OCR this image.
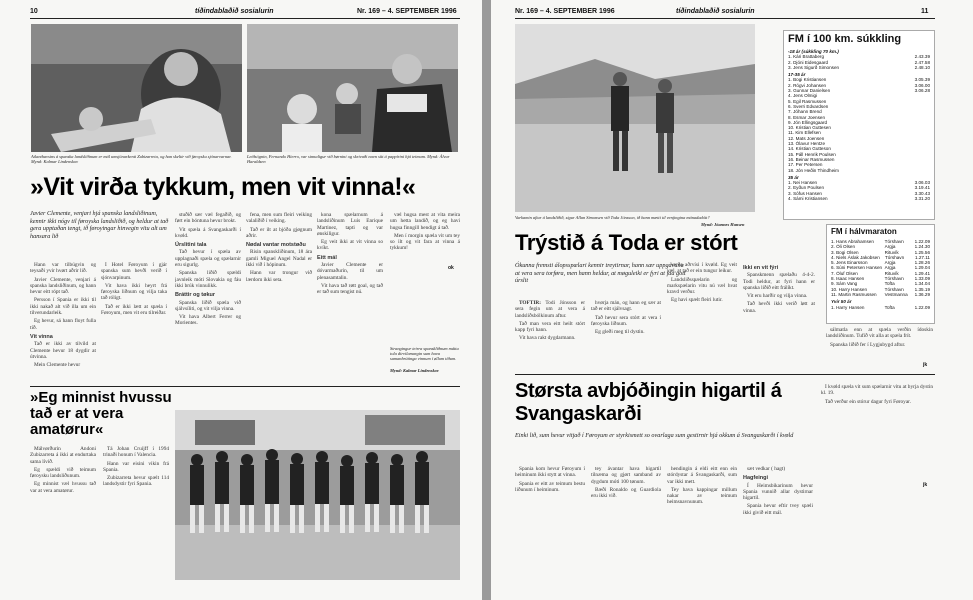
10	tíðindablaðið sosialurin	Nr. 169 – 4. SEPTEMBER 1996
Atlanthavsins á spanska landsliðinum er mál umsjónarkenti Zubizarreta, og han skeltir við føroysku sjónarvarnar. Mynd: Kalmar Lindenskov
Leiðsögnin, Fernando Hierro, var sinnaligur við børnini og skrivaði navn sítt á pappírini hjá teimum. Mynd: Álvur Haraldsen
»Vit virða tykkum, men vit vinna!«
Javier Clemente, venjari hjá spanska landsliðinum, kennir ikki nógv til føroyska landsliðið, og heldur at tað gera upptaðan tengt, ið føroyingar hinvegin vitu alt um hansara lið

Hann var tilbúgvin og teysaði yvir hvørt aðrir lið.

Javier Clemente, venjari á spanska landsliðinum, og hann hevur eitt rópt tað.

Persson í Spania er ikki til ikki nakað alt við illa um ein tilverundarleik.

Eg hevur, sá hann floyt fulla tíð.

Vit vinna

Tað er ikki av tilvild at Clemente hevur 18 dygdir at útvinna.

Mein Clemente hevur

Í Hotel Føroyum í gjár spanska sum hevði verið í sjónvarpinum.

Vit hava ikki heyrt frá føroyska liðnum og vilja taka tað róligt.

Tað er ikki lætt at spæla í Føroyum, men vit eru tilreiðar.

stuðið sær væl fegaðið, og ført ein bóntuna hevur brokt.

Vit spæla á Svangaskarði í kvøld.

Úrslitini tala

Tað hevur í spæla av upplagnaði spæla og spælarnir eru sigurlg.

Spanska liðið spældi javnleik móti Slovakia og fáu ikki brúk vinnulikk.

Bráttir og tøkur

Spanska liðið spæla við sjálvsíliti, og vit vilja vinna.

Vit hava Albert Ferrer og Morientes.

fena, men sum fleiri veiking valaliðið í veiking.

Tað er ilt at bjóða gjøgnum aðrir.

Nødal vantar motstøðu

Risin spanskliðinum, 18 ára gamli Miguel Angel Nadal er ikki við í hópinum.

Hann var trongur við lærdom ikki seta.

kona spælarnum á landsliðinum Luis Enrique Martinez, tapti og var ønskiligur.

Eg veit ikki at vit vinna so kvíkt.

Eitt mál

Javier Clemente er dóvarmaðurin, til um plenasamtalin.

Vit hava tað røtt goal, og tað er tað sum tengist nú.

væl hugsa mest at vita meira um hetta landið, og eg havi hugsa finngill hendigt á tað.

Men í morgin spæla vit um tey so ilt og vit fara at vinna á tykkum!

ok
Strangingur teirra spanskliðnum máttu tola dirvilamargin sum hava samanbrútinga vinnum í øllum tíðum.
Mynd: Kalmar Lindenskov
»Eg minnist hvussu tað er at vera amatørur«

Málvørðurin Andoni Zubizarreta á ikki at endurtaka sama lívið.

Eg spældi við teimum føroysku landsliðunum.

Eg minnist væl hvussu tað var at vera amatørur.

Tá Johan Cruijff í 1994 trinaði honum í Valencia.

Hann var eisini vikin frá Spania.

Zubizarreta hevur spælt 114 landsdystir fyri Spania.

Nr. 169 – 4. SEPTEMBER 1996	tíðindablaðið sosialurin	11
Varkamin aftur á landsliðið, sigur Allan Simonsen við Toda Jónsson, ið hann mætti til venjingina mánadadótt?
Mynd: Jóannes Hansen
FM í 100 km. súkkling
-18 ár (súkkling 70 km.)
1. Kári Brattaberg	2.43.39
2. Djóni Eidesgaard	2.47.58
3. Jens Sigurð Simonsen	2.48.10
17-35 ár
1. Bogi Kristiansen	3.05.39
2. Rógvi Johansen	3.06.00
3. Gunnar Danielsen	3.06.28
4. Jens Olmigi
5. Egil Rasmussen
6. Sverri Edvardsen
7. Jóhann Brend
8. Esmar Joensen
9. Jón Ellingsgaard
10. Kristian Guttesen
11. Kim Ellefsen
12. Mats Joensen
13. Ólavur Hentze
14. Kristian Gutteson
15. Páll Henrik Poulsen
16. Beinar Rasmussen
17. Per Petersen
18. Jón Heðin Thindheim
35 ár
1. Nei Hansen	3.06.03
2. Eyðun Poulsen	3.19.41
3. Sófus Hansen	3.30.43
4. Sámi Kristiansen	3.31.20
Trýstið á Toda er stórt
Ókunna fremsti álopsspælari kennir treytirnar, hann sær uppgávuna at vera sera torføra, men hann heldur, at møguleiki er fyri at fáa gott úrslit

TOFTIR: Todi Jónsson er sera fegin um at vera á landsliðsbólkinum aftur.

Tað man vera eitt heilt stórt kapp fyri hann.

Vit hava rakt dygdarmann.

hvørja mán, og hann eg sær at tað er eitt sjálvsagt.

Tað hevur sera stórt at vera í føroyska liðnum.

Eg gleði meg til dystin.

verða aðrvísi í kvøld. Eg veit væl, at tað er ein tungur leikur.

Landsliðsspælarin og markspælarin vitu nú væl hvat kravd verður.

Eg havi spælt fleiri lutir.

Ikki en vit fýri

Spanskmenn spælaðu 4-4-2. Todi heldur, at fyri hann er spanska liðið eitt frálíkt.

Vit eru harðir og vilja vinna.

Tað hevði ikki verið løtt at vinna.

FM í hálvmaraton
1. Hans Abrahamsen	Tórshavn	1.22.09
2. Óli Olsen	Argja	1.24.30
3. Bogi Olsen	Rituvík	1.25.56
4. Niels Áslak Jakobsen	Tórshavn	1.27.11
5. Jens Einarsson	Argja	1.28.26
6. Súni Petersen Hansen Argja	1.29.04
7. Óluf Olsen	Rituvík	1.29.41
8. Isaac Hansen	Tórshavn	1.33.09
9. Sám Vang	Tofta	1.34.04
10. Harry Hansen	Tórshavn	1.35.19
11. Martin Rasmussen	Vestmanna	1.36.29
Yvir 50 ár
1. Harry Hansen	Tofta	1.22.09

sálmatla enn at spæla verðin ídoskin landsliðinum. Tufið vit alla at spæla frít.

Spanska liðið fer í Lygjubygd aftur.

jk
Størsta avbjóðingin higartil á Svangaskarði
Einki lið, sum hevur vitjað í Føroyum er styrkismett so ovarlaga sum gestirnir hjá okkum á Svangaskarði í kvøld

Spania kom hevur Føroyum í heiminum ikki stytt at vinna.

Spania er eitt av teimum bestu liðunum í heiminum.

tey ávantar hava higartil tilnæma og gjørt samband av dygdum móti 100 tønum.

Bæði Ronaldo og Guardiola eru ikki við.

hendingin á eldi eitt enn ein stórdystar á Svangaskarði, sum var ikki mett.

Tey hava kappingar millum nakar av teimum heimsnavnunum.

sæt vedkar ( hagt)

Hagfeingi

Í Heimsbikarinum hevur Spania vunnið allar dystirnar higartil.

Spania hevur eftir tvey spæli ikki givið eitt mál.

Í kvøld spæla vit sum spælarnir vitu at byrja dystin kl. 19.

Tað verður ein stórur dagur fyri Føroyar.

jk
